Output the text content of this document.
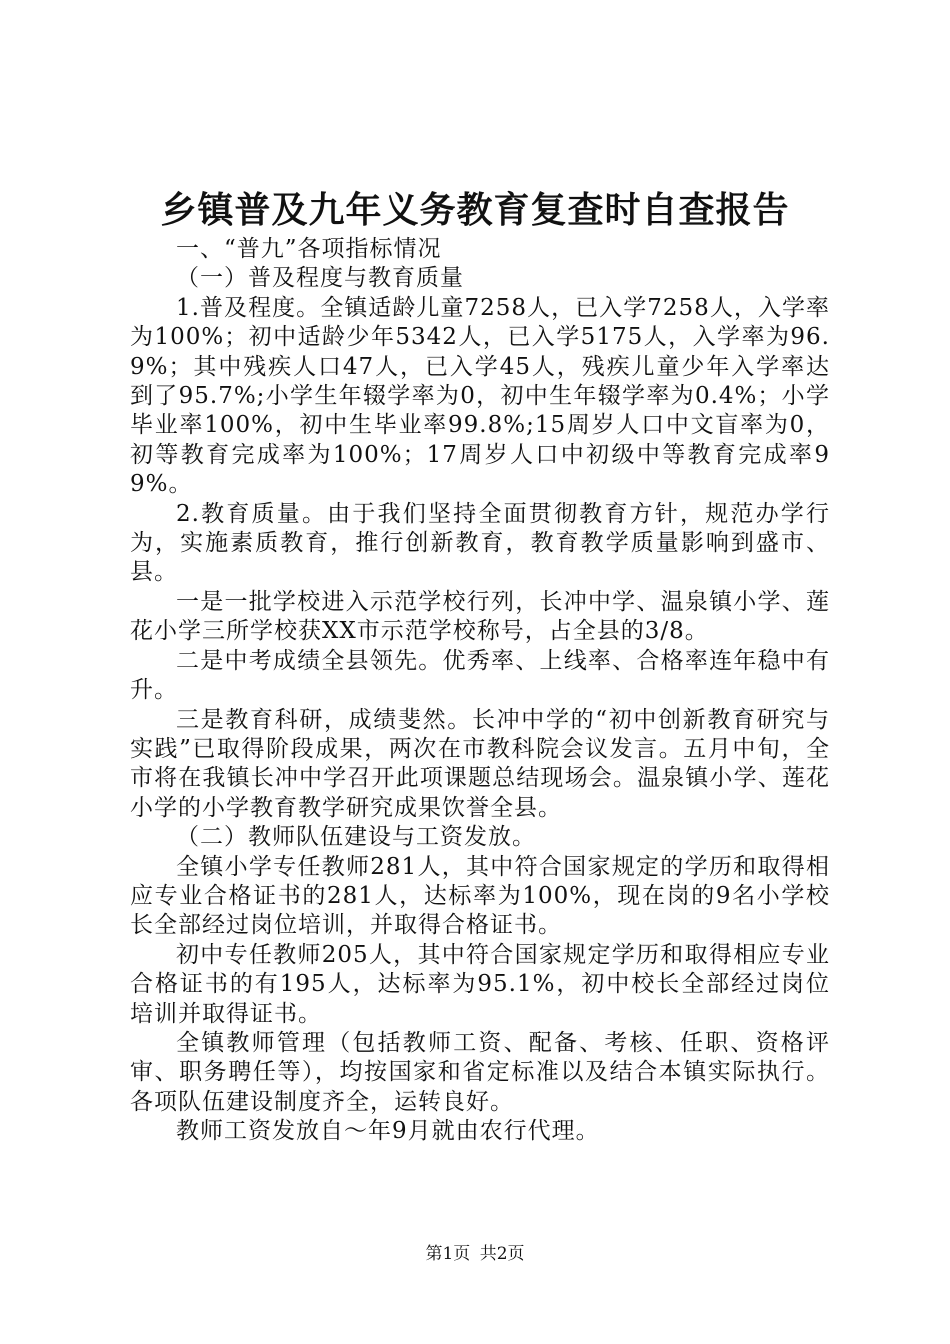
乡镇普及九年义务教育复查时自查报告

一、“普九”各项指标情况

（一）普及程度与教育质量

1.普及程度。全镇适龄儿童7258人，已入学7258人，入学率为100%；初中适龄少年5342人，已入学5175人，入学率为96.9%；其中残疾人口47人，已入学45人，残疾儿童少年入学率达到了95.7%;小学生年辍学率为0，初中生年辍学率为0.4%；小学毕业率100%，初中生毕业率99.8%;15周岁人口中文盲率为0，初等教育完成率为100%；17周岁人口中初级中等教育完成率99%。

2.教育质量。由于我们坚持全面贯彻教育方针，规范办学行为，实施素质教育，推行创新教育，教育教学质量影响到盛市、县。

一是一批学校进入示范学校行列，长冲中学、温泉镇小学、莲花小学三所学校获XX市示范学校称号，占全县的3/8。

二是中考成绩全县领先。优秀率、上线率、合格率连年稳中有升。

三是教育科研，成绩斐然。长冲中学的“初中创新教育研究与实践”已取得阶段成果，两次在市教科院会议发言。五月中旬，全市将在我镇长冲中学召开此项课题总结现场会。温泉镇小学、莲花小学的小学教育教学研究成果饮誉全县。

（二）教师队伍建设与工资发放。

全镇小学专任教师281人，其中符合国家规定的学历和取得相应专业合格证书的281人，达标率为100%，现在岗的9名小学校长全部经过岗位培训，并取得合格证书。

初中专任教师205人，其中符合国家规定学历和取得相应专业合格证书的有195人，达标率为95.1%，初中校长全部经过岗位培训并取得证书。

全镇教师管理（包括教师工资、配备、考核、任职、资格评审、职务聘任等），均按国家和省定标准以及结合本镇实际执行。各项队伍建设制度齐全，运转良好。

教师工资发放自～年9月就由农行代理。

第1页 共2页
